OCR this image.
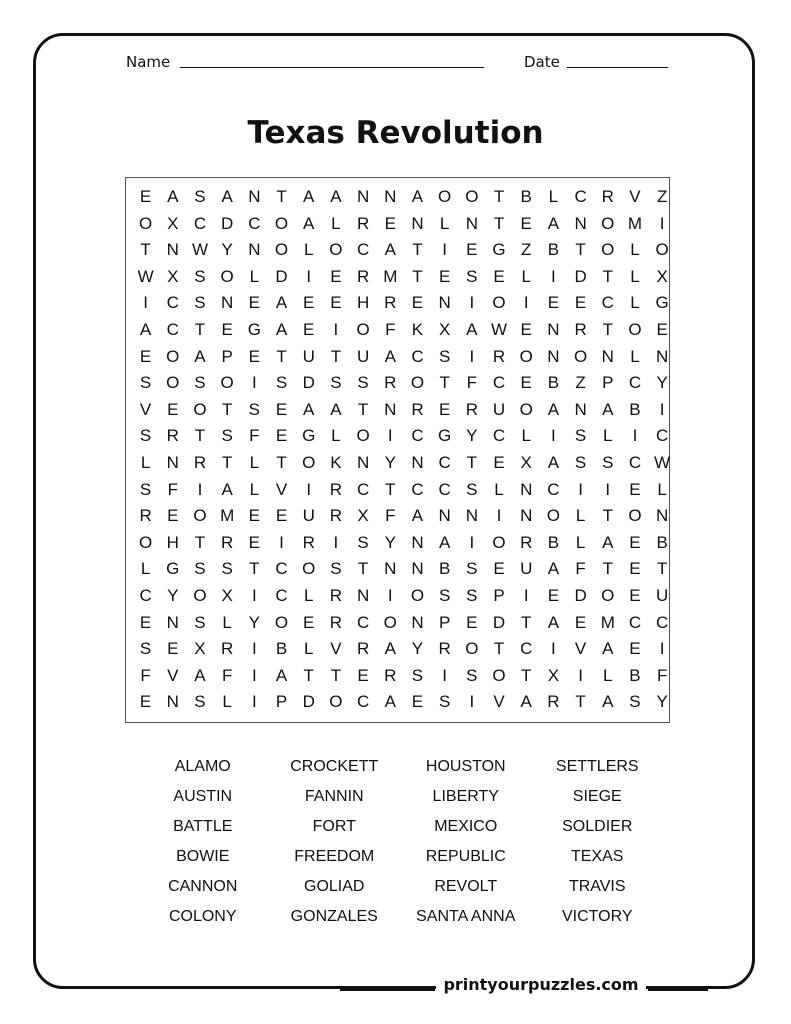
Name	Date
Texas Revolution
E A S A N T A A N N A O O T B L C R V Z
O X C D C O A L R E N L N T E A N O M	I
T N W Y N O L O C A T	I	E G Z B T O L O
W X S O L D	I	E R M T E S E L	I	D T	L X
I	C S N E A E E H R E N	I	O	I	E E C L G
A C T E G A E	I	O F K X A W E N R T O E
E O A P E T U T U A C S	I	R O N O N L N
S O S O	I	S D S S R O T F C E B Z P C Y
V E O T S E A A T N R E R U O A N A B	I
S R T S F E G L O	I	C G Y C L	I	S L	I	C
L N R T	L	T O K N Y N C T E X A S S C W
S F	I	A L V	I	R C T C C S L N C	I	I	E L
R E O M E E U R X F A N N	I	N O L	T O N
O H T R E	I	R	I	S Y N A	I	O R B L A E B
L G S S T C O S T N N B S E U A F T E T
C Y O X	I	C L R N	I	O S S P	I	E D O E U
E N S L Y O E R C O N P E D T A E M C C
S E X R	I	B L V R A Y R O T C	I	V A E	I
F V A F	I	A T T E R S	I	S O T X	I	L B F
E N S L	I	P D O C A E S	I	V A R T A S Y
ALAMO	CROCKETT	HOUSTON	SETTLERS
AUSTIN	FANNIN	LIBERTY	SIEGE
BATTLE	FORT	MEXICO	SOLDIER
BOWIE	FREEDOM	REPUBLIC	TEXAS
CANNON	GOLIAD	REVOLT	TRAVIS
COLONY	GONZALES	SANTA ANNA	VICTORY
printyourpuzzles.com
